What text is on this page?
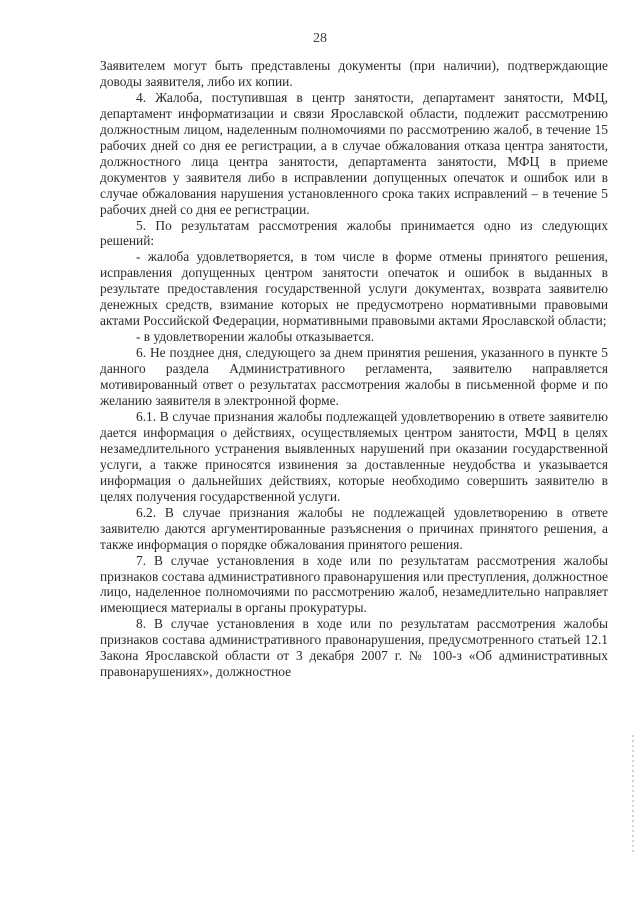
28

Заявителем могут быть представлены документы (при наличии), подтверждающие доводы заявителя, либо их копии.

4. Жалоба, поступившая в центр занятости, департамент занятости, МФЦ, департамент информатизации и связи Ярославской области, подлежит рассмотрению должностным лицом, наделенным полномочиями по рассмотрению жалоб, в течение 15 рабочих дней со дня ее регистрации, а в случае обжалования отказа центра занятости, должностного лица центра занятости, департамента занятости, МФЦ в приеме документов у заявителя либо в исправлении допущенных опечаток и ошибок или в случае обжалования нарушения установленного срока таких исправлений – в течение 5 рабочих дней со дня ее регистрации.

5. По результатам рассмотрения жалобы принимается одно из следующих решений:

- жалоба удовлетворяется, в том числе в форме отмены принятого решения, исправления допущенных центром занятости опечаток и ошибок в выданных в результате предоставления государственной услуги документах, возврата заявителю денежных средств, взимание которых не предусмотрено нормативными правовыми актами Российской Федерации, нормативными правовыми актами Ярославской области;

- в удовлетворении жалобы отказывается.

6. Не позднее дня, следующего за днем принятия решения, указанного в пункте 5 данного раздела Административного регламента, заявителю направляется мотивированный ответ о результатах рассмотрения жалобы в письменной форме и по желанию заявителя в электронной форме.

6.1. В случае признания жалобы подлежащей удовлетворению в ответе заявителю дается информация о действиях, осуществляемых центром занятости, МФЦ в целях незамедлительного устранения выявленных нарушений при оказании государственной услуги, а также приносятся извинения за доставленные неудобства и указывается информация о дальнейших действиях, которые необходимо совершить заявителю в целях получения государственной услуги.

6.2. В случае признания жалобы не подлежащей удовлетворению в ответе заявителю даются аргументированные разъяснения о причинах принятого решения, а также информация о порядке обжалования принятого решения.

7. В случае установления в ходе или по результатам рассмотрения жалобы признаков состава административного правонарушения или преступления, должностное лицо, наделенное полномочиями по рассмотрению жалоб, незамедлительно направляет имеющиеся материалы в органы прокуратуры.

8. В случае установления в ходе или по результатам рассмотрения жалобы признаков состава административного правонарушения, предусмотренного статьей 12.1 Закона Ярославской области от 3 декабря 2007 г. № 100-з «Об административных правонарушениях», должностное
